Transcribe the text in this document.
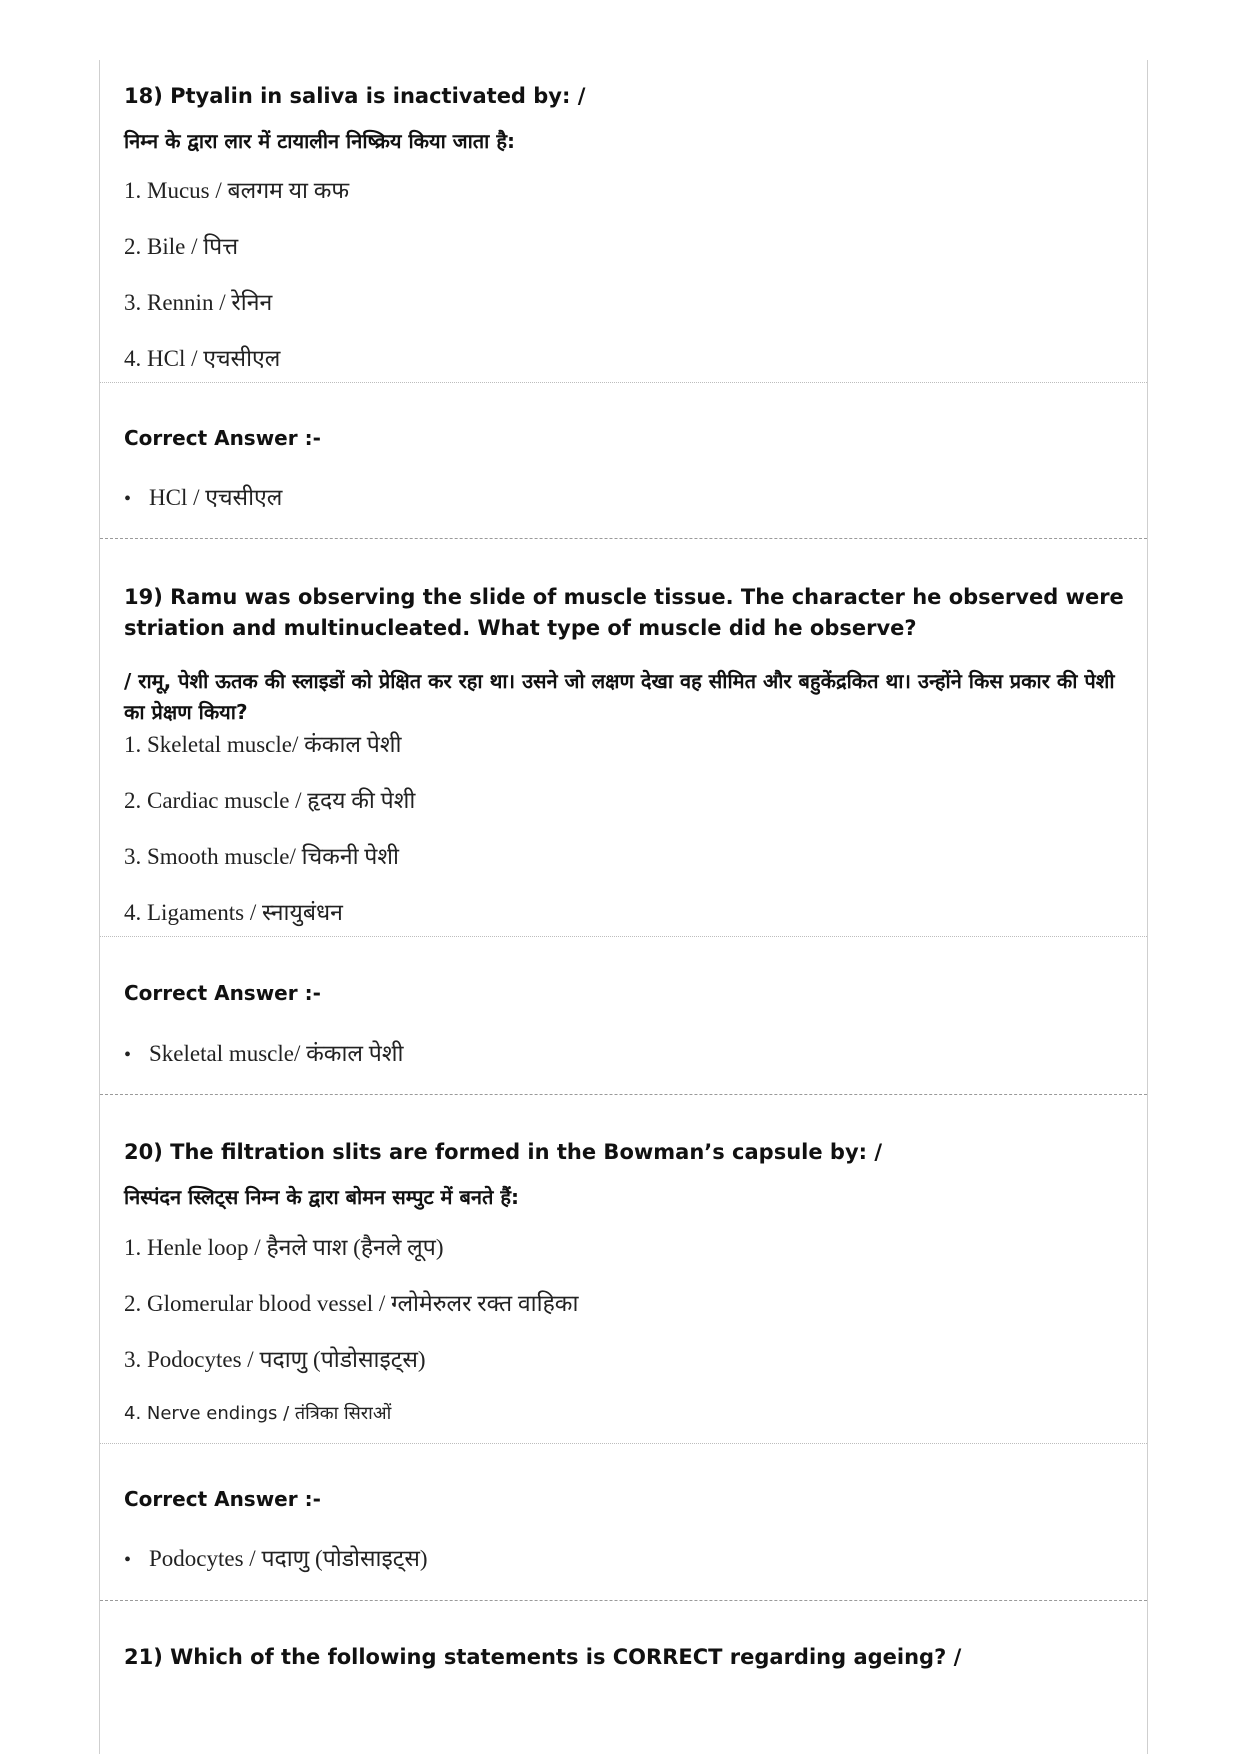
18) Ptyalin in saliva is inactivated by: /
निम्न के द्वारा लार में टायालीन निष्क्रिय किया जाता है:
1. Mucus / बलगम या कफ
2. Bile / पित्त
3. Rennin / रेनिन
4. HCl / एचसीएल
Correct Answer :-
• HCl / एचसीएल
19) Ramu was observing the slide of muscle tissue. The character he observed were striation and multinucleated. What type of muscle did he observe?
/ रामू, पेशी ऊतक की स्लाइडों को प्रेक्षित कर रहा था। उसने जो लक्षण देखा वह सीमित और बहुकेंद्रकित था। उन्होंने किस प्रकार की पेशी का प्रेक्षण किया?
1. Skeletal muscle/ कंकाल पेशी
2. Cardiac muscle / हृदय की पेशी
3. Smooth muscle/ चिकनी पेशी
4. Ligaments / स्नायुबंधन
Correct Answer :-
• Skeletal muscle/ कंकाल पेशी
20) The filtration slits are formed in the Bowman’s capsule by: /
निस्पंदन स्लिट्स निम्न के द्वारा बोमन सम्पुट में बनते हैं:
1. Henle loop / हैनले पाश (हैनले लूप)
2. Glomerular blood vessel / ग्लोमेरुलर रक्त वाहिका
3. Podocytes / पदाणु (पोडोसाइट्स)
4. Nerve endings / तंत्रिका सिराओं
Correct Answer :-
• Podocytes / पदाणु (पोडोसाइट्स)
21) Which of the following statements is CORRECT regarding ageing? /
